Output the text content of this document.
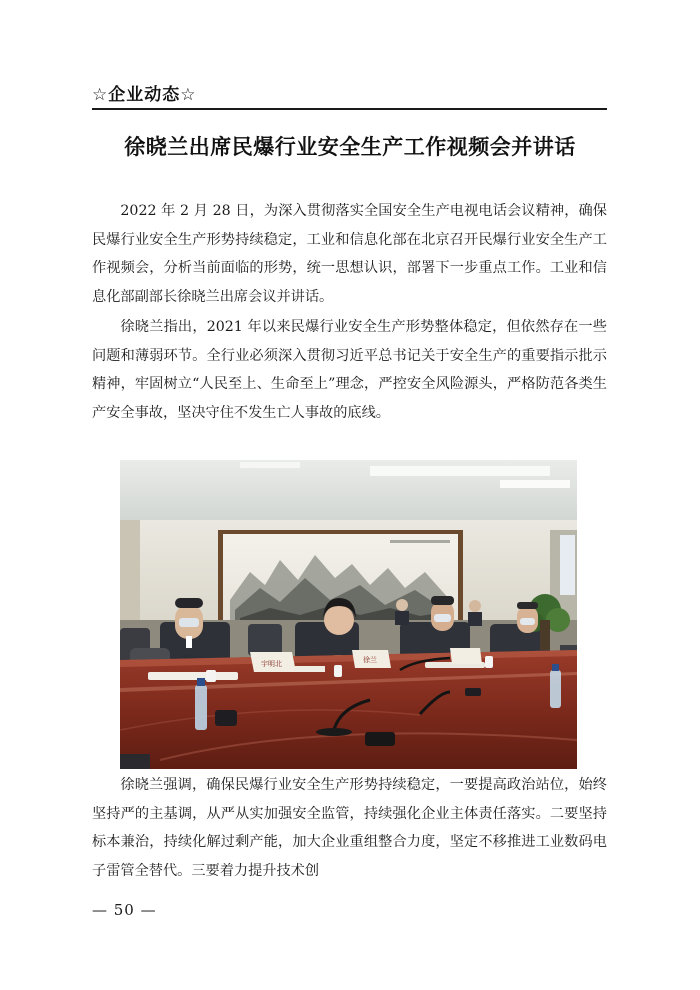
☆企业动态☆
徐晓兰出席民爆行业安全生产工作视频会并讲话

2022 年 2 月 28 日，为深入贯彻落实全国安全生产电视电话会议精神，确保民爆行业安全生产形势持续稳定，工业和信息化部在北京召开民爆行业安全生产工作视频会，分析当前面临的形势，统一思想认识，部署下一步重点工作。工业和信息化部副部长徐晓兰出席会议并讲话。

徐晓兰指出，2021 年以来民爆行业安全生产形势整体稳定，但依然存在一些问题和薄弱环节。全行业必须深入贯彻习近平总书记关于安全生产的重要指示批示精神，牢固树立“人民至上、生命至上”理念，严控安全风险源头，严格防范各类生产安全事故，坚决守住不发生亡人事故的底线。

宇明北	徐兰

徐晓兰强调，确保民爆行业安全生产形势持续稳定，一要提高政治站位，始终坚持严的主基调，从严从实加强安全监管，持续强化企业主体责任落实。二要坚持标本兼治，持续化解过剩产能，加大企业重组整合力度，坚定不移推进工业数码电子雷管全替代。三要着力提升技术创

— 50 —
